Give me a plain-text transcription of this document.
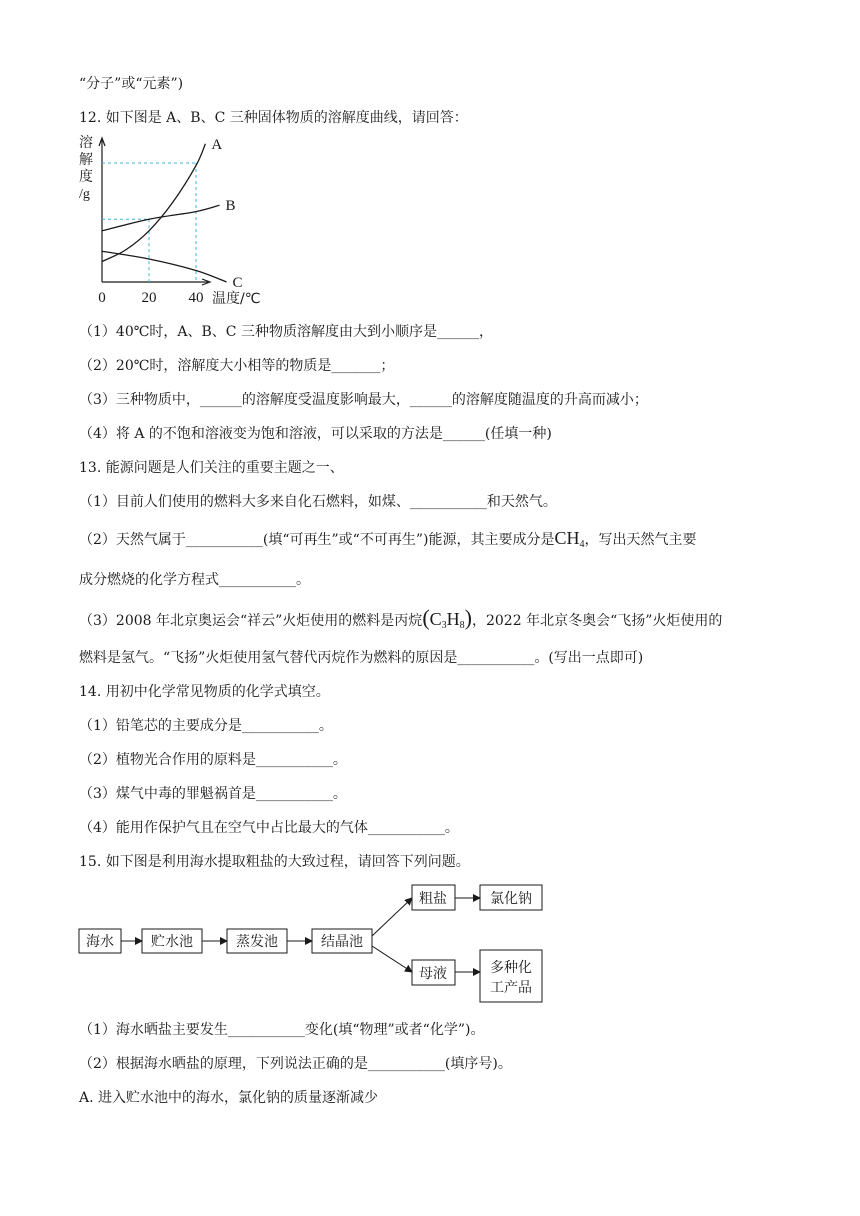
“分子”或“元素”)
12. 如下图是 A、B、C 三种固体物质的溶解度曲线，请回答：
A
B
C
溶
解
度
/g
0 20 40 温度/℃
（1）40℃时，A、B、C 三种物质溶解度由大到小顺序是______，
（2）20℃时，溶解度大小相等的物质是_______；
（3）三种物质中，______的溶解度受温度影响最大，______的溶解度随温度的升高而减小；
（4）将 A 的不饱和溶液变为饱和溶液，可以采取的方法是______(任填一种)
13. 能源问题是人们关注的重要主题之一、
（1）目前人们使用的燃料大多来自化石燃料，如煤、___________和天然气。
（2）天然气属于___________(填“可再生”或“不可再生”)能源，其主要成分是$CH_4$，写出天然气主要
成分燃烧的化学方程式___________。
（3）2008 年北京奥运会“祥云”火炬使用的燃料是丙烷$(C_3H_8)$，2022 年北京冬奥会“飞扬”火炬使用的
燃料是氢气。“飞扬”火炬使用氢气替代丙烷作为燃料的原因是___________。(写出一点即可)
14. 用初中化学常见物质的化学式填空。
（1）铅笔芯的主要成分是___________。
（2）植物光合作用的原料是___________。
（3）煤气中毒的罪魁祸首是___________。
（4）能用作保护气且在空气中占比最大的气体___________。
15. 如下图是利用海水提取粗盐的大致过程，请回答下列问题。
海水	贮水池	蒸发池	结晶池
粗盐	氯化钠
母液	多种化
工产品
（1）海水晒盐主要发生___________变化(填“物理”或者“化学”)。
（2）根据海水晒盐的原理，下列说法正确的是___________(填序号)。
A. 进入贮水池中的海水，氯化钠的质量逐渐减少
